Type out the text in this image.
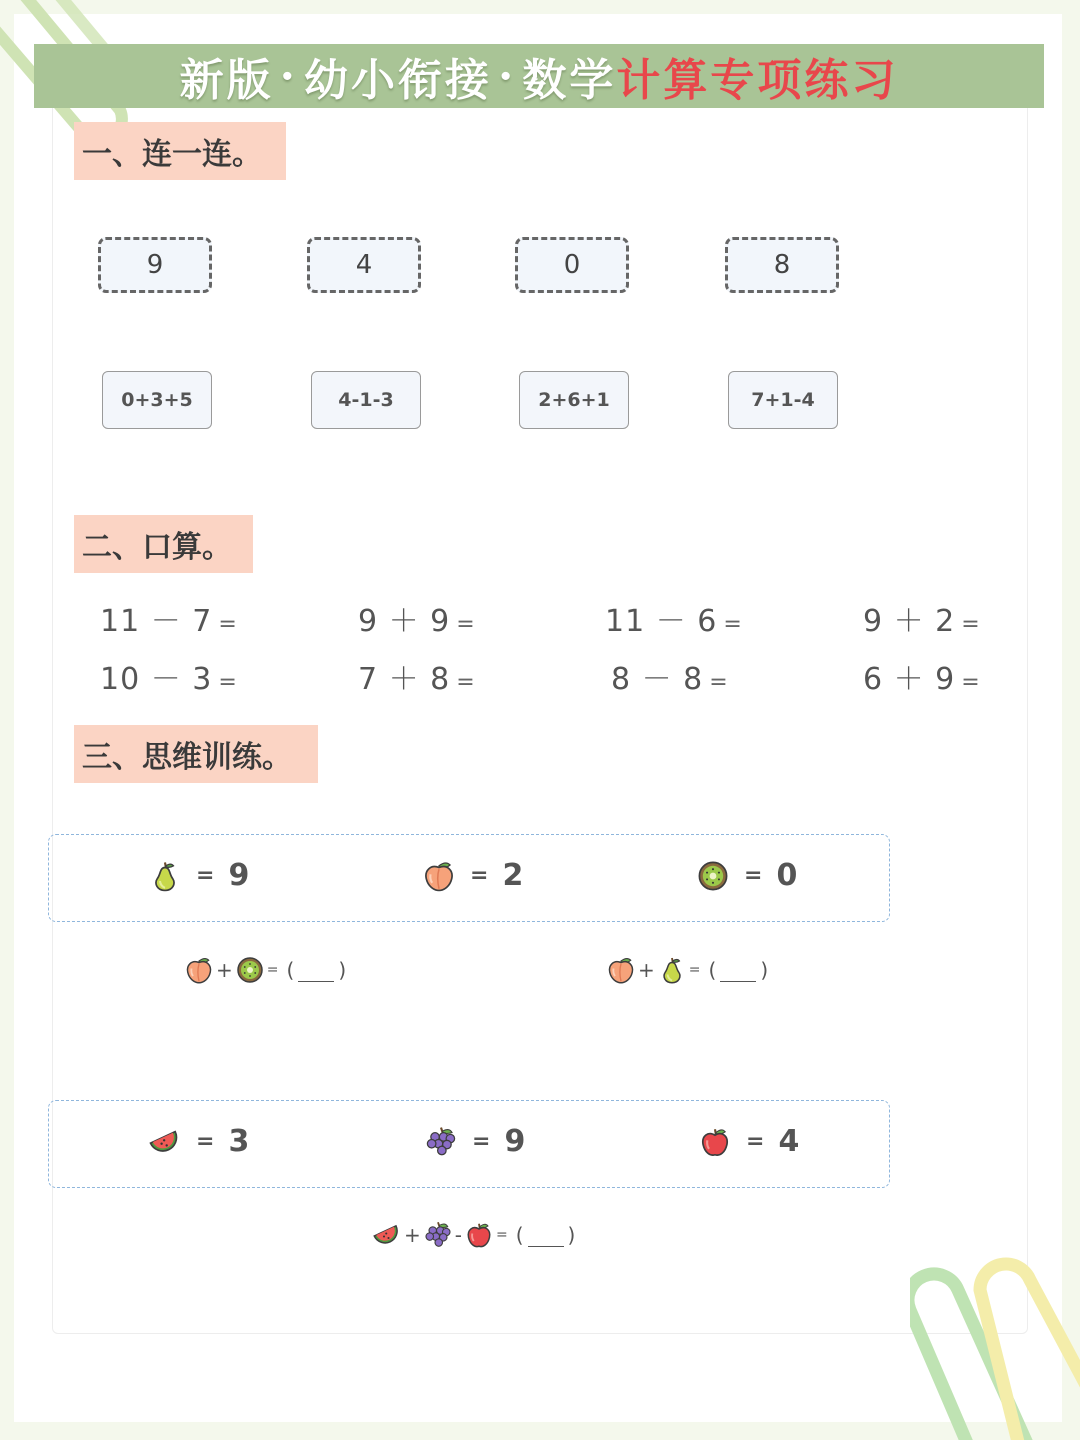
新版 · 幼小衔接 · 数学 计算专项练习
一、连一连。
9	4	0	8
0+3+5	4-1-3	2+6+1	7+1-4
二、口算。
11 － 7 =	9 ＋ 9 =	11 － 6 =	9 ＋ 2 =
10 － 3 =	7 ＋ 8 =	8 － 8 =	6 ＋ 9 =
三、思维训练。
= 9	= 2	= 0
+ = ( )	+ = ( )
= 3	= 9	= 4
+ - = ( )
